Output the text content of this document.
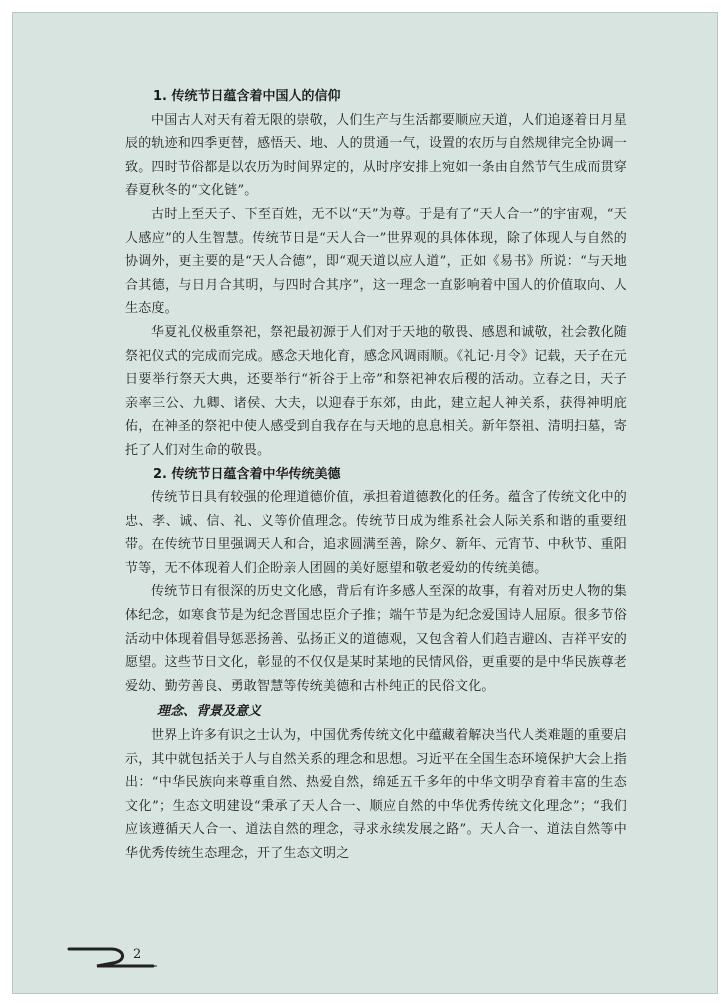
1. 传统节日蕴含着中国人的信仰

中国古人对天有着无限的崇敬，人们生产与生活都要顺应天道，人们追逐着日月星辰的轨迹和四季更替，感悟天、地、人的贯通一气，设置的农历与自然规律完全协调一致。四时节俗都是以农历为时间界定的，从时序安排上宛如一条由自然节气生成而贯穿春夏秋冬的“文化链”。

古时上至天子、下至百姓，无不以“天”为尊。于是有了“天人合一”的宇宙观，“天人感应”的人生智慧。传统节日是“天人合一”世界观的具体体现，除了体现人与自然的协调外，更主要的是“天人合德”，即“观天道以应人道”，正如《易书》所说：“与天地合其德，与日月合其明，与四时合其序”，这一理念一直影响着中国人的价值取向、人生态度。

华夏礼仪极重祭祀，祭祀最初源于人们对于天地的敬畏、感恩和诚敬，社会教化随祭祀仪式的完成而完成。感念天地化育，感念风调雨顺。《礼记·月令》记载，天子在元日要举行祭天大典，还要举行“祈谷于上帝”和祭祀神农后稷的活动。立春之日，天子亲率三公、九卿、诸侯、大夫，以迎春于东郊，由此，建立起人神关系，获得神明庇佑，在神圣的祭祀中使人感受到自我存在与天地的息息相关。新年祭祖、清明扫墓，寄托了人们对生命的敬畏。

2. 传统节日蕴含着中华传统美德

传统节日具有较强的伦理道德价值，承担着道德教化的任务。蕴含了传统文化中的忠、孝、诚、信、礼、义等价值理念。传统节日成为维系社会人际关系和谐的重要纽带。在传统节日里强调天人和合，追求圆满至善，除夕、新年、元宵节、中秋节、重阳节等，无不体现着人们企盼亲人团圆的美好愿望和敬老爱幼的传统美德。

传统节日有很深的历史文化感，背后有许多感人至深的故事，有着对历史人物的集体纪念，如寒食节是为纪念晋国忠臣介子推；端午节是为纪念爱国诗人屈原。很多节俗活动中体现着倡导惩恶扬善、弘扬正义的道德观，又包含着人们趋吉避凶、吉祥平安的愿望。这些节日文化，彰显的不仅仅是某时某地的民情风俗，更重要的是中华民族尊老爱幼、勤劳善良、勇敢智慧等传统美德和古朴纯正的民俗文化。

理念、背景及意义

世界上许多有识之士认为，中国优秀传统文化中蕴藏着解决当代人类难题的重要启示，其中就包括关于人与自然关系的理念和思想。习近平在全国生态环境保护大会上指出：“中华民族向来尊重自然、热爱自然，绵延五千多年的中华文明孕育着丰富的生态文化”；生态文明建设“秉承了天人合一、顺应自然的中华优秀传统文化理念”；“我们应该遵循天人合一、道法自然的理念，寻求永续发展之路”。天人合一、道法自然等中华优秀传统生态理念，开了生态文明之

2
